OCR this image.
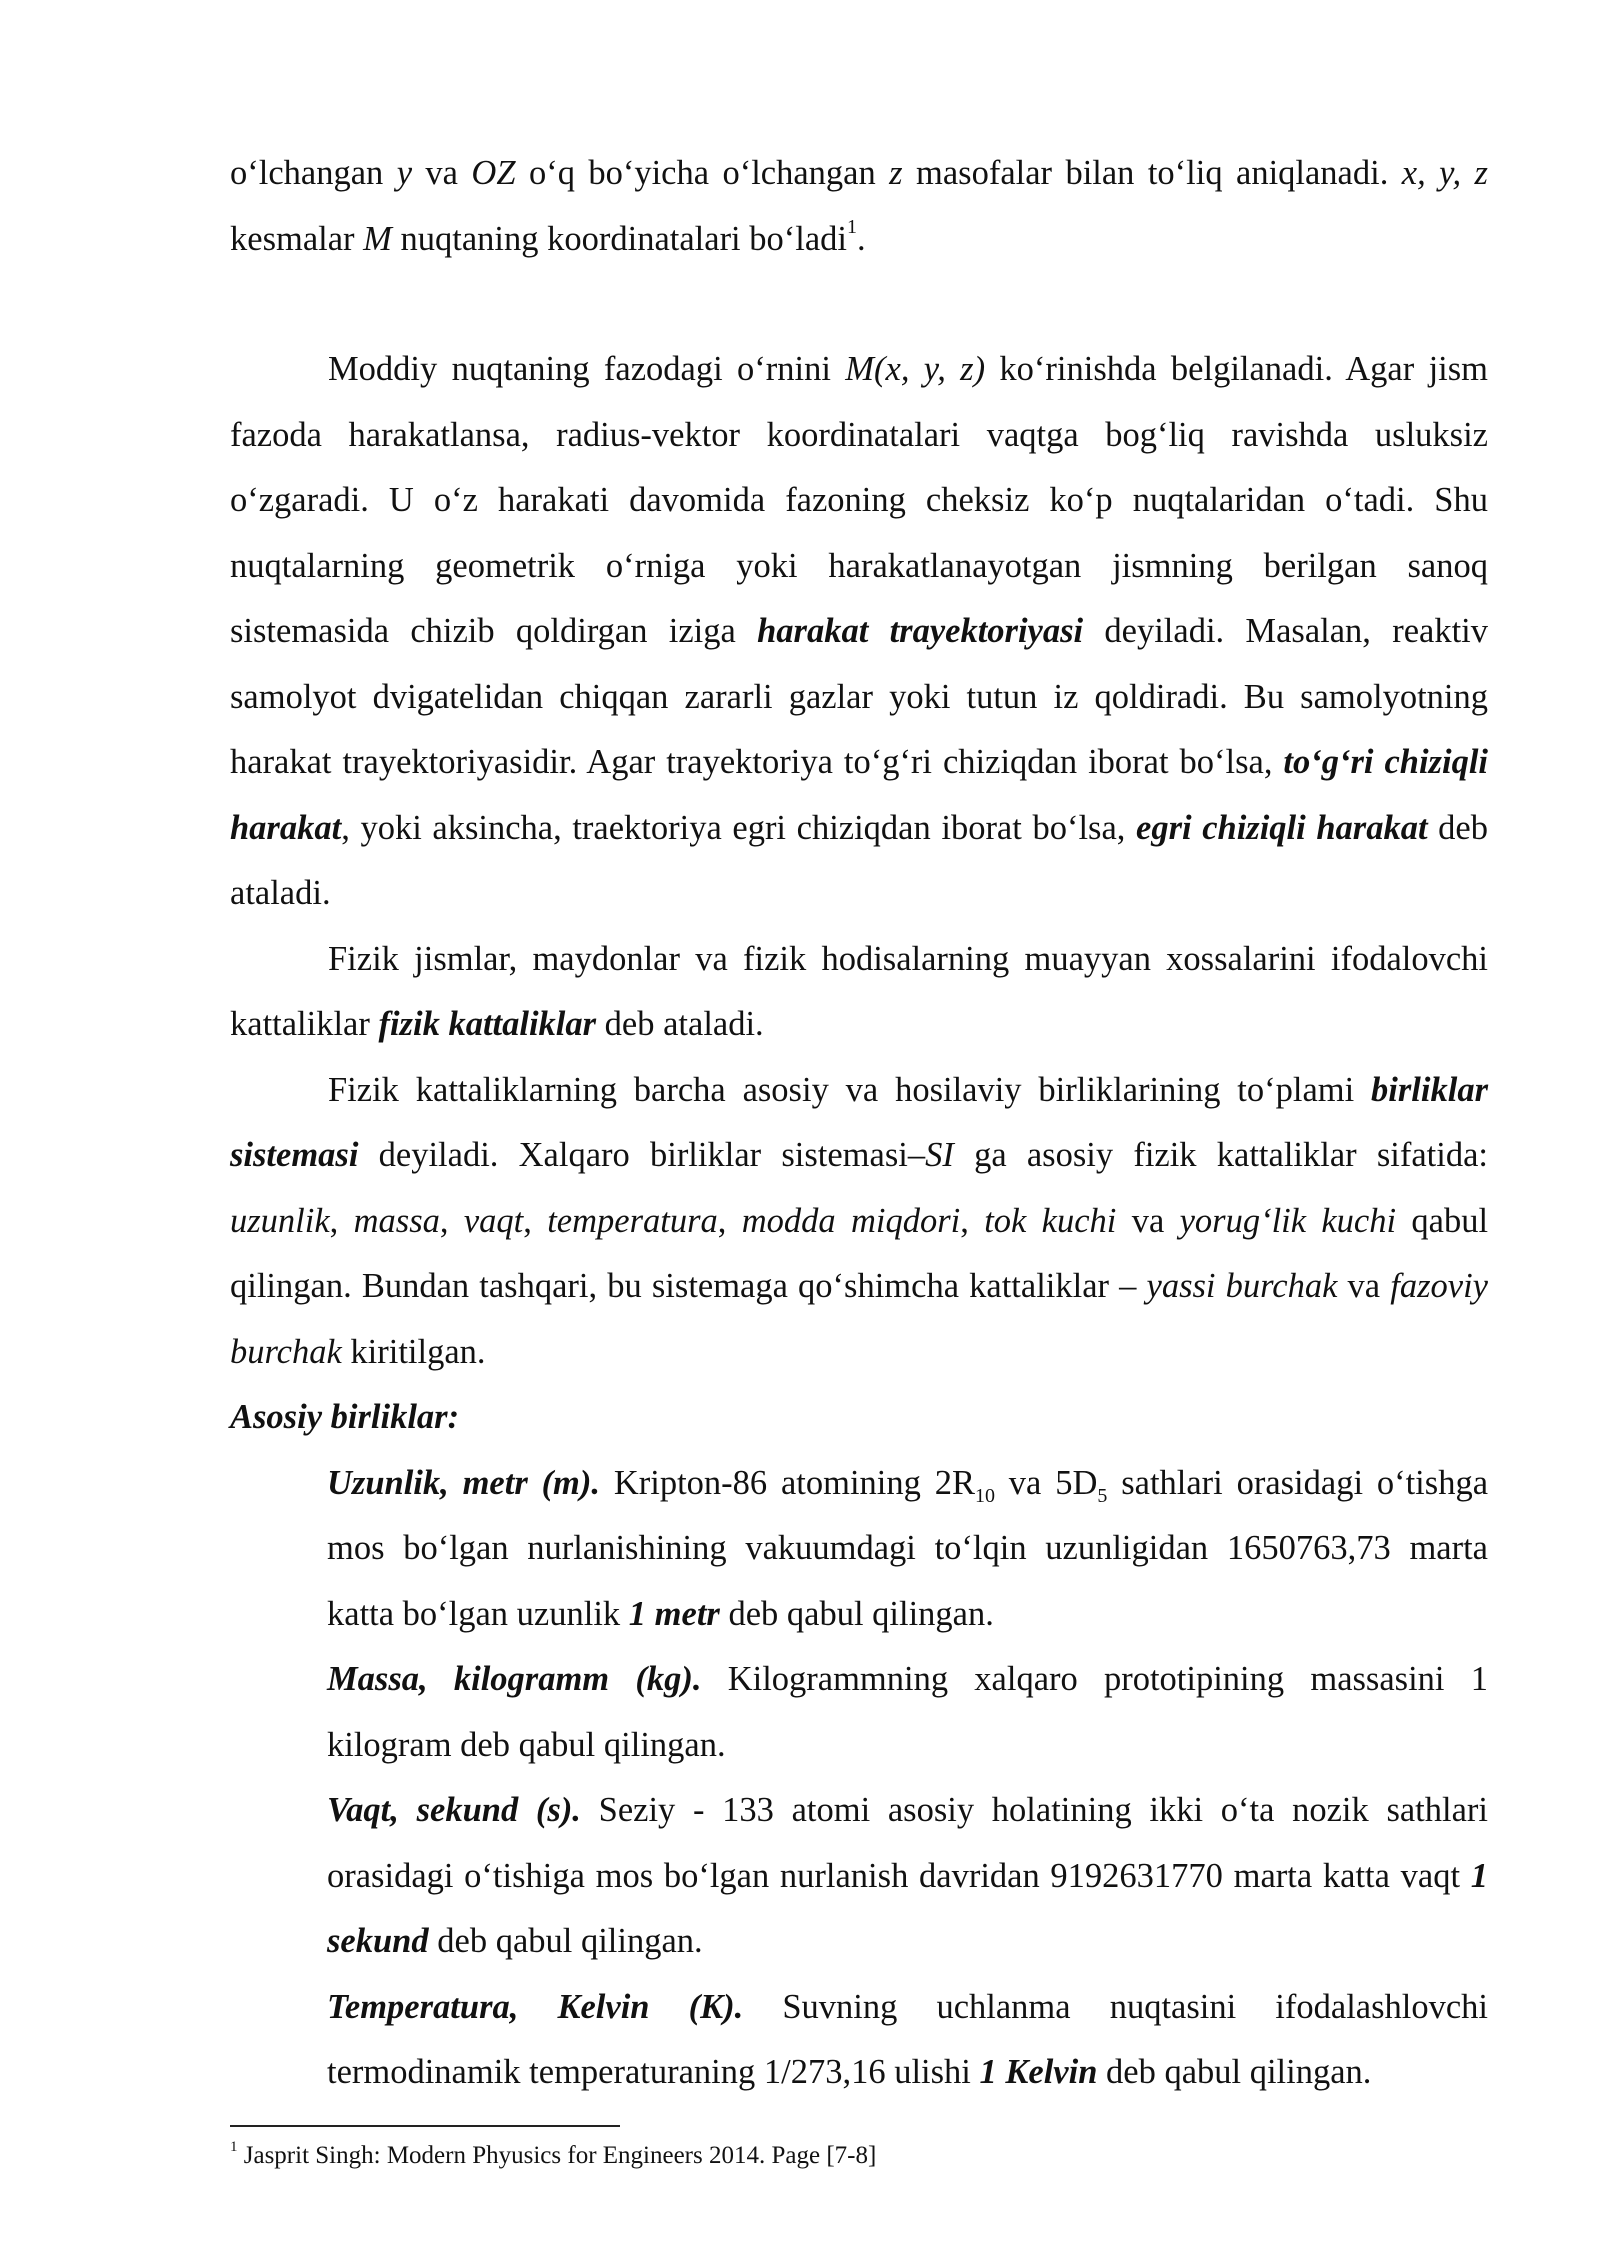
o‘lchangan y va OZ o‘q bo‘yicha o‘lchangan z masofalar bilan to‘liq aniqlanadi. x, y, z kesmalar M nuqtaning koordinatalari bo‘ladi$^1$.

Moddiy nuqtaning fazodagi o‘rnini M(x, y, z) ko‘rinishda belgilanadi. Agar jism fazoda harakatlansa, radius-vektor koordinatalari vaqtga bog‘liq ravishda usluksiz o‘zgaradi. U o‘z harakati davomida fazoning cheksiz ko‘p nuqtalaridan o‘tadi. Shu nuqtalarning geometrik o‘rniga yoki harakatlanayotgan jismning berilgan sanoq sistemasida chizib qoldirgan iziga harakat trayektoriyasi deyiladi. Masalan, reaktiv samolyot dvigatelidan chiqqan zararli gazlar yoki tutun iz qoldiradi. Bu samolyotning harakat trayektoriyasidir. Agar trayektoriya to‘g‘ri chiziqdan iborat bo‘lsa, to‘g‘ri chiziqli harakat, yoki aksincha, traektoriya egri chiziqdan iborat bo‘lsa, egri chiziqli harakat deb ataladi.

Fizik jismlar, maydonlar va fizik hodisalarning muayyan xossalarini ifodalovchi kattaliklar fizik kattaliklar deb ataladi.

Fizik kattaliklarning barcha asosiy va hosilaviy birliklarining to‘plami birliklar sistemasi deyiladi. Xalqaro birliklar sistemasi–SI ga asosiy fizik kattaliklar sifatida: uzunlik, massa, vaqt, temperatura, modda miqdori, tok kuchi va yorug‘lik kuchi qabul qilingan. Bundan tashqari, bu sistemaga qo‘shimcha kattaliklar – yassi burchak va fazoviy burchak kiritilgan.

Asosiy birliklar:

Uzunlik, metr (m). Kripton-86 atomining $2R_{10}$ va $5D_5$ sathlari orasidagi o‘tishga mos bo‘lgan nurlanishining vakuumdagi to‘lqin uzunligidan 1650763,73 marta katta bo‘lgan uzunlik 1 metr deb qabul qilingan.

Massa, kilogramm (kg). Kilogrammning xalqaro prototipining massasini 1 kilogram deb qabul qilingan.

Vaqt, sekund (s). Seziy - 133 atomi asosiy holatining ikki o‘ta nozik sathlari orasidagi o‘tishiga mos bo‘lgan nurlanish davridan 9192631770 marta katta vaqt 1 sekund deb qabul qilingan.

Temperatura, Kelvin (K). Suvning uchlanma nuqtasini ifodalashlovchi termodinamik temperaturaning 1/273,16 ulishi 1 Kelvin deb qabul qilingan.

$^1$ Jasprit Singh: Modern Phyusics for Engineers 2014. Page [7-8]
